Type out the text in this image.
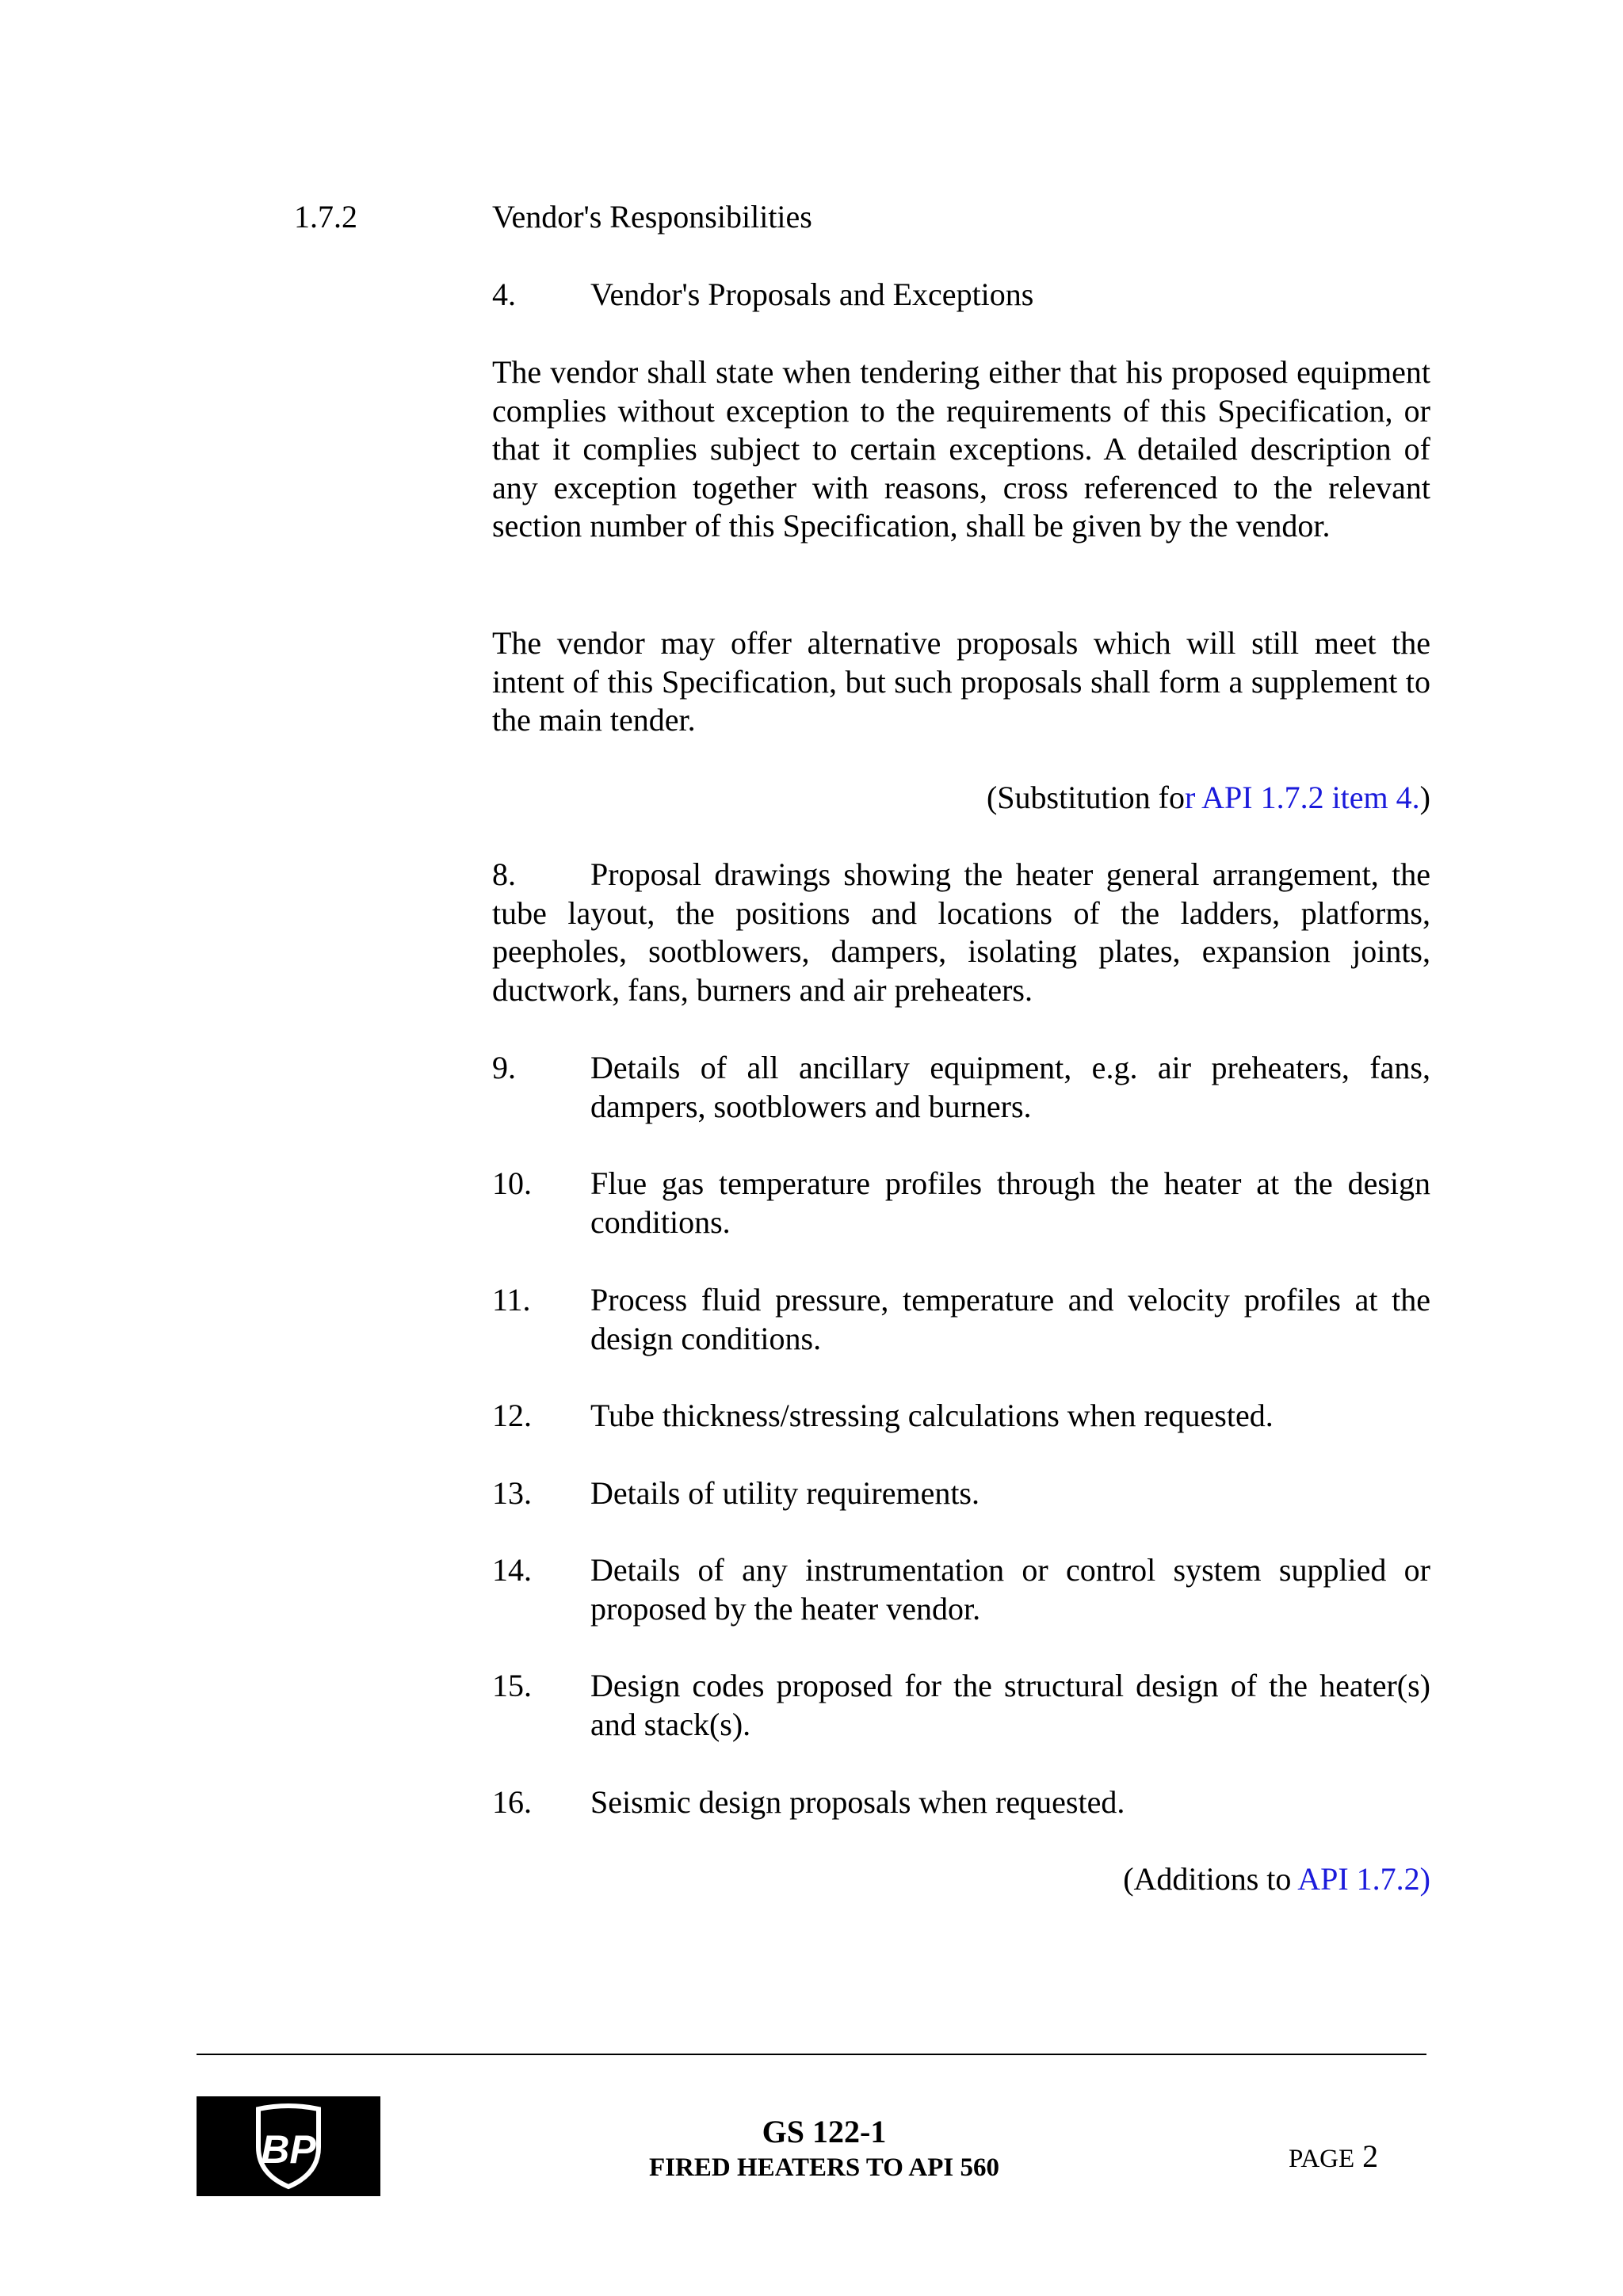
1.7.2	Vendor's Responsibilities
4. Vendor's Proposals and Exceptions
The vendor shall state when tendering either that his proposed equipment complies without exception to the requirements of this Specification, or that it complies subject to certain exceptions. A detailed description of any exception together with reasons, cross referenced to the relevant section number of this Specification, shall be given by the vendor.
The vendor may offer alternative proposals which will still meet the intent of this Specification, but such proposals shall form a supplement to the main tender.
(Substitution for API 1.7.2 item 4.)
8. Proposal drawings showing the heater general arrangement, the tube layout, the positions and locations of the ladders, platforms, peepholes, sootblowers, dampers, isolating plates, expansion joints, ductwork, fans, burners and air preheaters.
9. Details of all ancillary equipment, e.g. air preheaters, fans, dampers, sootblowers and burners.
10. Flue gas temperature profiles through the heater at the design conditions.
11. Process fluid pressure, temperature and velocity profiles at the design conditions.
12. Tube thickness/stressing calculations when requested.
13. Details of utility requirements.
14. Details of any instrumentation or control system supplied or proposed by the heater vendor.
15. Design codes proposed for the structural design of the heater(s) and stack(s).
16. Seismic design proposals when requested.
(Additions to API 1.7.2)
BP	GS 122-1
FIRED HEATERS TO API 560	PAGE 2
